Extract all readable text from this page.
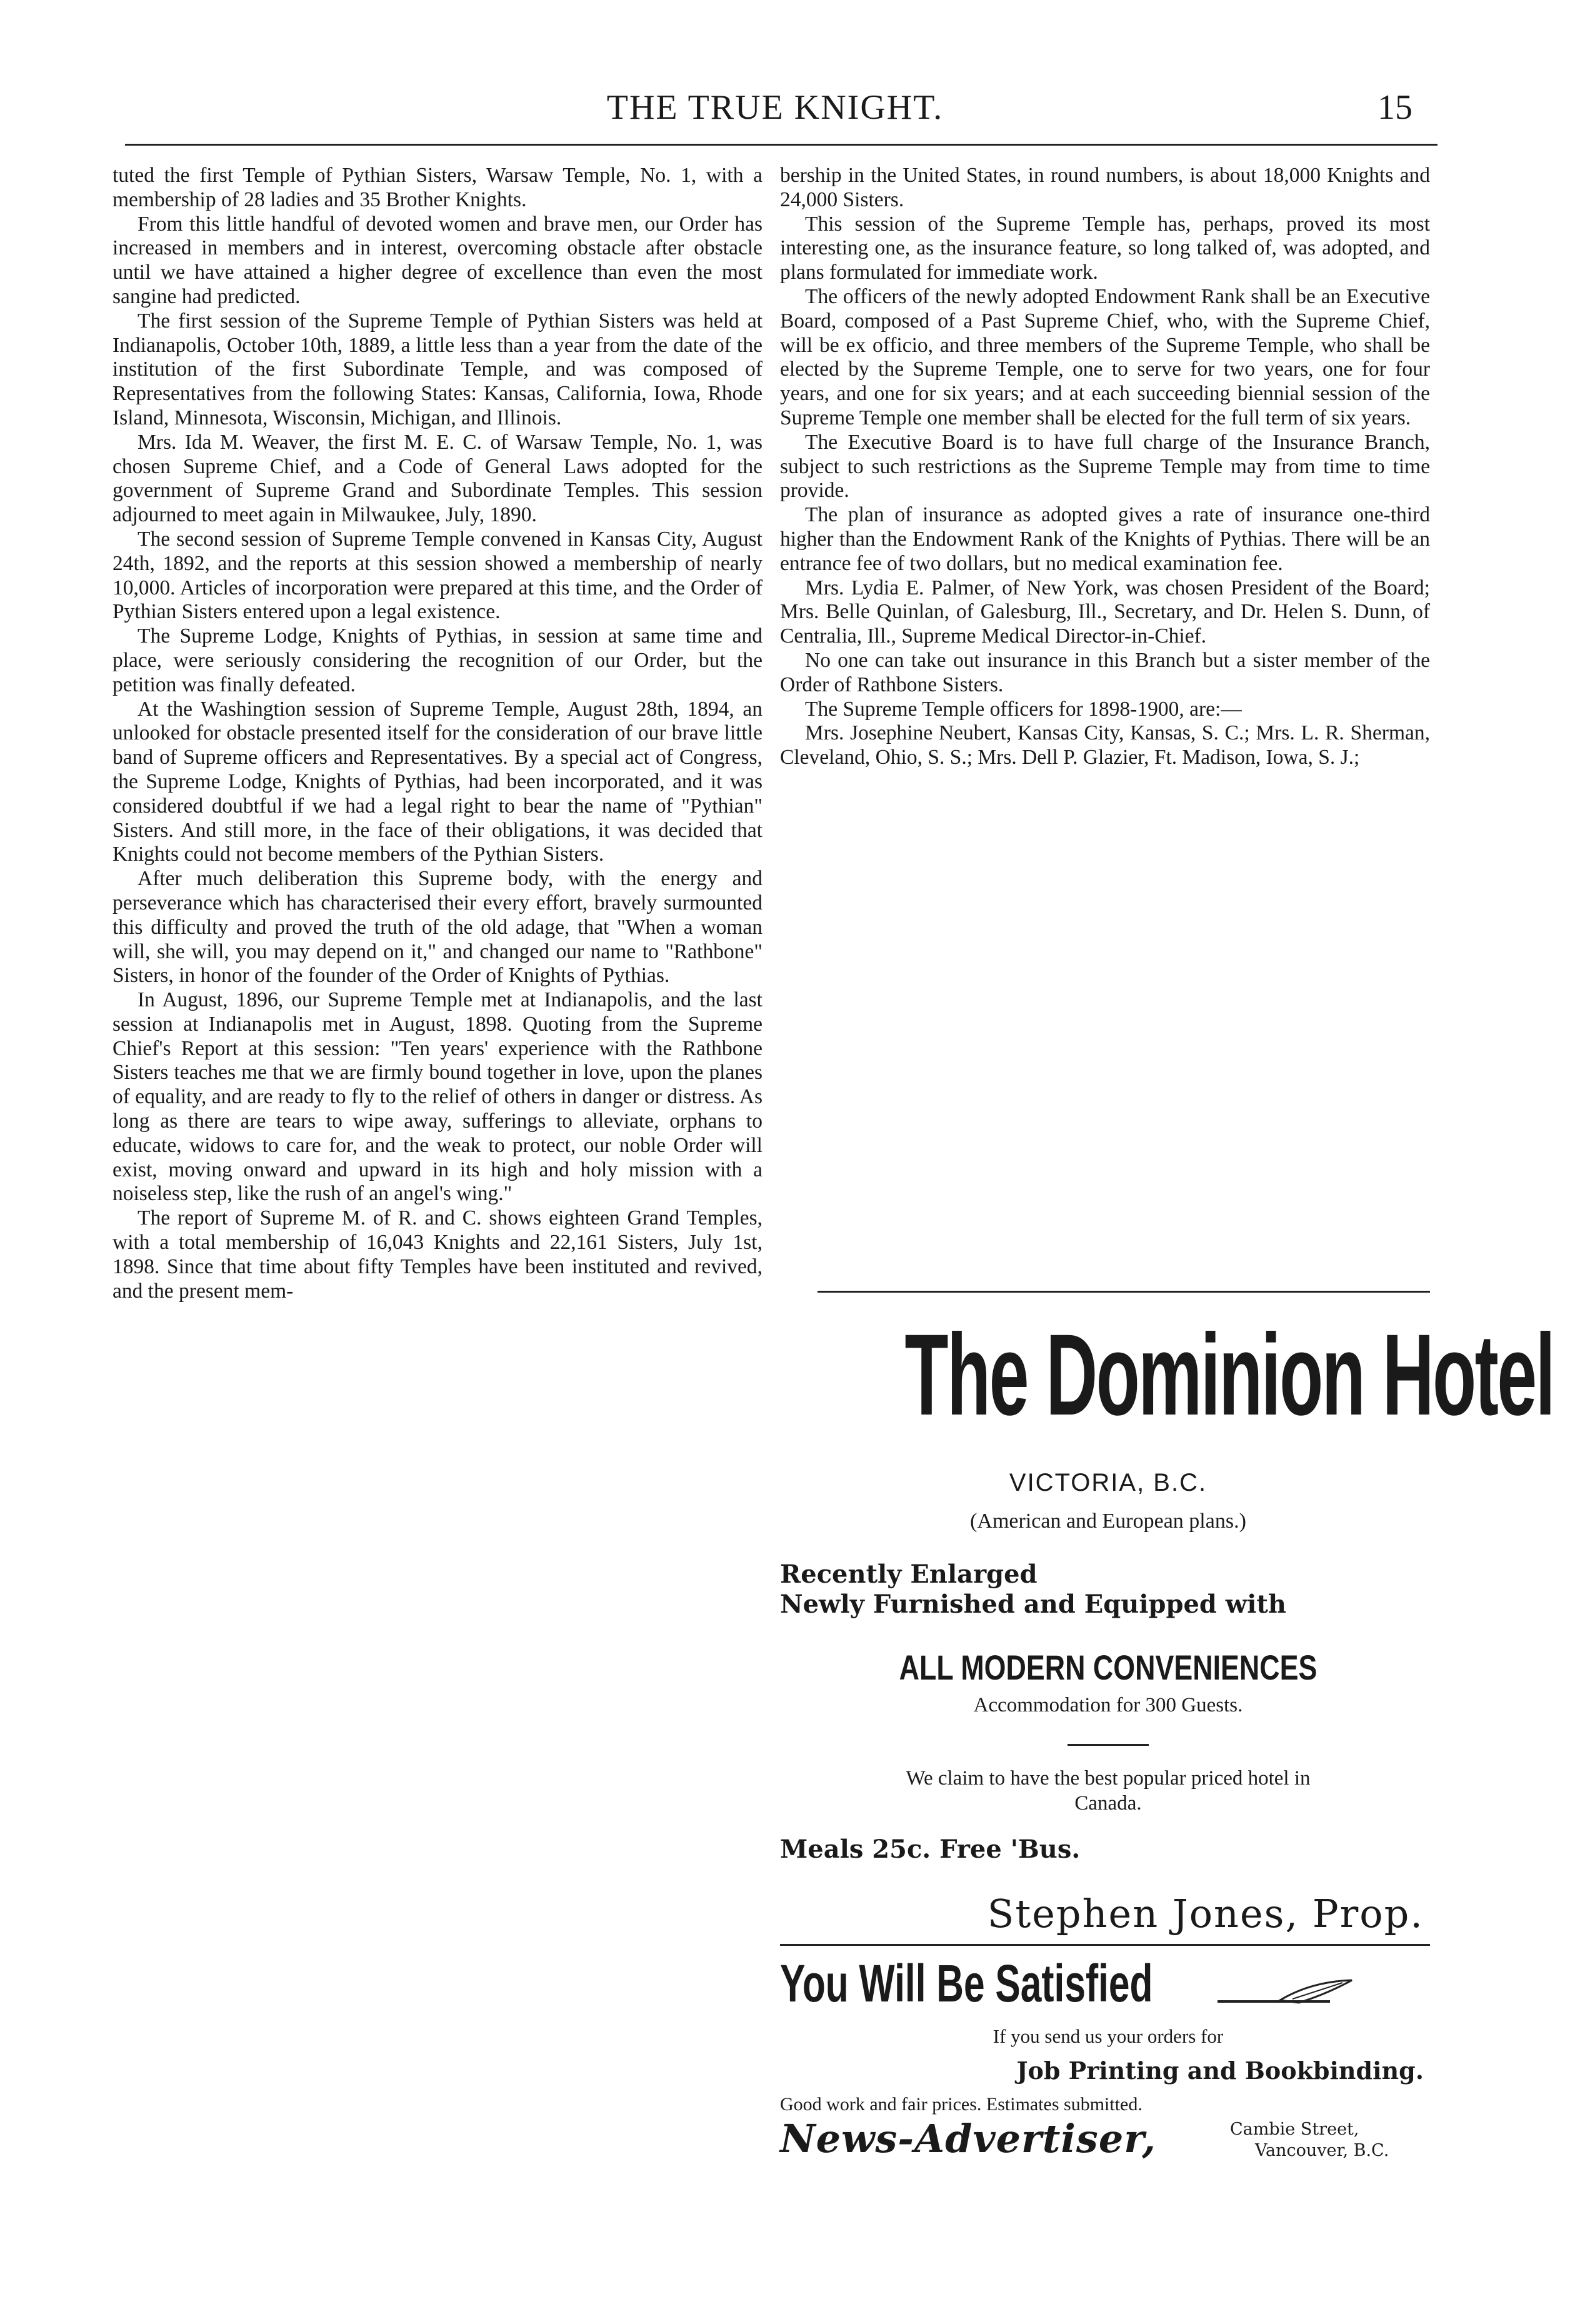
THE TRUE KNIGHT.	15

tuted the first Temple of Pythian Sisters, Warsaw Temple, No. 1, with a membership of 28 ladies and 35 Brother Knights.

From this little handful of devoted women and brave men, our Order has increased in members and in interest, overcoming obstacle after obstacle until we have attained a higher degree of excellence than even the most sangine had predicted.

The first session of the Supreme Temple of Pythian Sisters was held at Indianapolis, October 10th, 1889, a little less than a year from the date of the institution of the first Subordinate Temple, and was composed of Representatives from the following States: Kansas, California, Iowa, Rhode Island, Minnesota, Wisconsin, Michigan, and Illinois.

Mrs. Ida M. Weaver, the first M. E. C. of Warsaw Temple, No. 1, was chosen Supreme Chief, and a Code of General Laws adopted for the government of Supreme Grand and Subordinate Temples. This session adjourned to meet again in Milwaukee, July, 1890.

The second session of Supreme Temple convened in Kansas City, August 24th, 1892, and the reports at this session showed a membership of nearly 10,000. Articles of incorporation were prepared at this time, and the Order of Pythian Sisters entered upon a legal existence.

The Supreme Lodge, Knights of Pythias, in session at same time and place, were seriously considering the recognition of our Order, but the petition was finally defeated.

At the Washingtion session of Supreme Temple, August 28th, 1894, an unlooked for obstacle presented itself for the consideration of our brave little band of Supreme officers and Representatives. By a special act of Congress, the Supreme Lodge, Knights of Pythias, had been incorporated, and it was considered doubtful if we had a legal right to bear the name of "Pythian" Sisters. And still more, in the face of their obligations, it was decided that Knights could not become members of the Pythian Sisters.

After much deliberation this Supreme body, with the energy and perseverance which has characterised their every effort, bravely surmounted this difficulty and proved the truth of the old adage, that "When a woman will, she will, you may depend on it," and changed our name to "Rathbone" Sisters, in honor of the founder of the Order of Knights of Pythias.

In August, 1896, our Supreme Temple met at Indianapolis, and the last session at Indianapolis met in August, 1898. Quoting from the Supreme Chief's Report at this session: "Ten years' experience with the Rathbone Sisters teaches me that we are firmly bound together in love, upon the planes of equality, and are ready to fly to the relief of others in danger or distress. As long as there are tears to wipe away, sufferings to alleviate, orphans to educate, widows to care for, and the weak to protect, our noble Order will exist, moving onward and upward in its high and holy mission with a noiseless step, like the rush of an angel's wing."

The report of Supreme M. of R. and C. shows eighteen Grand Temples, with a total membership of 16,043 Knights and 22,161 Sisters, July 1st, 1898. Since that time about fifty Temples have been instituted and revived, and the present mem-

bership in the United States, in round numbers, is about 18,000 Knights and 24,000 Sisters.

This session of the Supreme Temple has, perhaps, proved its most interesting one, as the insurance feature, so long talked of, was adopted, and plans formulated for immediate work.

The officers of the newly adopted Endowment Rank shall be an Executive Board, composed of a Past Supreme Chief, who, with the Supreme Chief, will be ex officio, and three members of the Supreme Temple, who shall be elected by the Supreme Temple, one to serve for two years, one for four years, and one for six years; and at each succeeding biennial session of the Supreme Temple one member shall be elected for the full term of six years.

The Executive Board is to have full charge of the Insurance Branch, subject to such restrictions as the Supreme Temple may from time to time provide.

The plan of insurance as adopted gives a rate of insurance one-third higher than the Endowment Rank of the Knights of Pythias. There will be an entrance fee of two dollars, but no medical examination fee.

Mrs. Lydia E. Palmer, of New York, was chosen President of the Board; Mrs. Belle Quinlan, of Galesburg, Ill., Secretary, and Dr. Helen S. Dunn, of Centralia, Ill., Supreme Medical Director-in-Chief.

No one can take out insurance in this Branch but a sister member of the Order of Rathbone Sisters.

The Supreme Temple officers for 1898-1900, are:—

Mrs. Josephine Neubert, Kansas City, Kansas, S. C.; Mrs. L. R. Sherman, Cleveland, Ohio, S. S.; Mrs. Dell P. Glazier, Ft. Madison, Iowa, S. J.;

The Dominion Hotel
VICTORIA, B.C.
(American and European plans.)
Recently Enlarged
Newly Furnished and Equipped with
ALL MODERN CONVENIENCES
Accommodation for 300 Guests.
We claim to have the best popular priced hotel in
Canada.
Meals 25c. Free 'Bus.
Stephen Jones, Prop.
You Will Be Satisfied
If you send us your orders for
Job Printing and Bookbinding.
Good work and fair prices. Estimates submitted.
News-Advertiser,	Cambie Street,
Vancouver, B.C.
